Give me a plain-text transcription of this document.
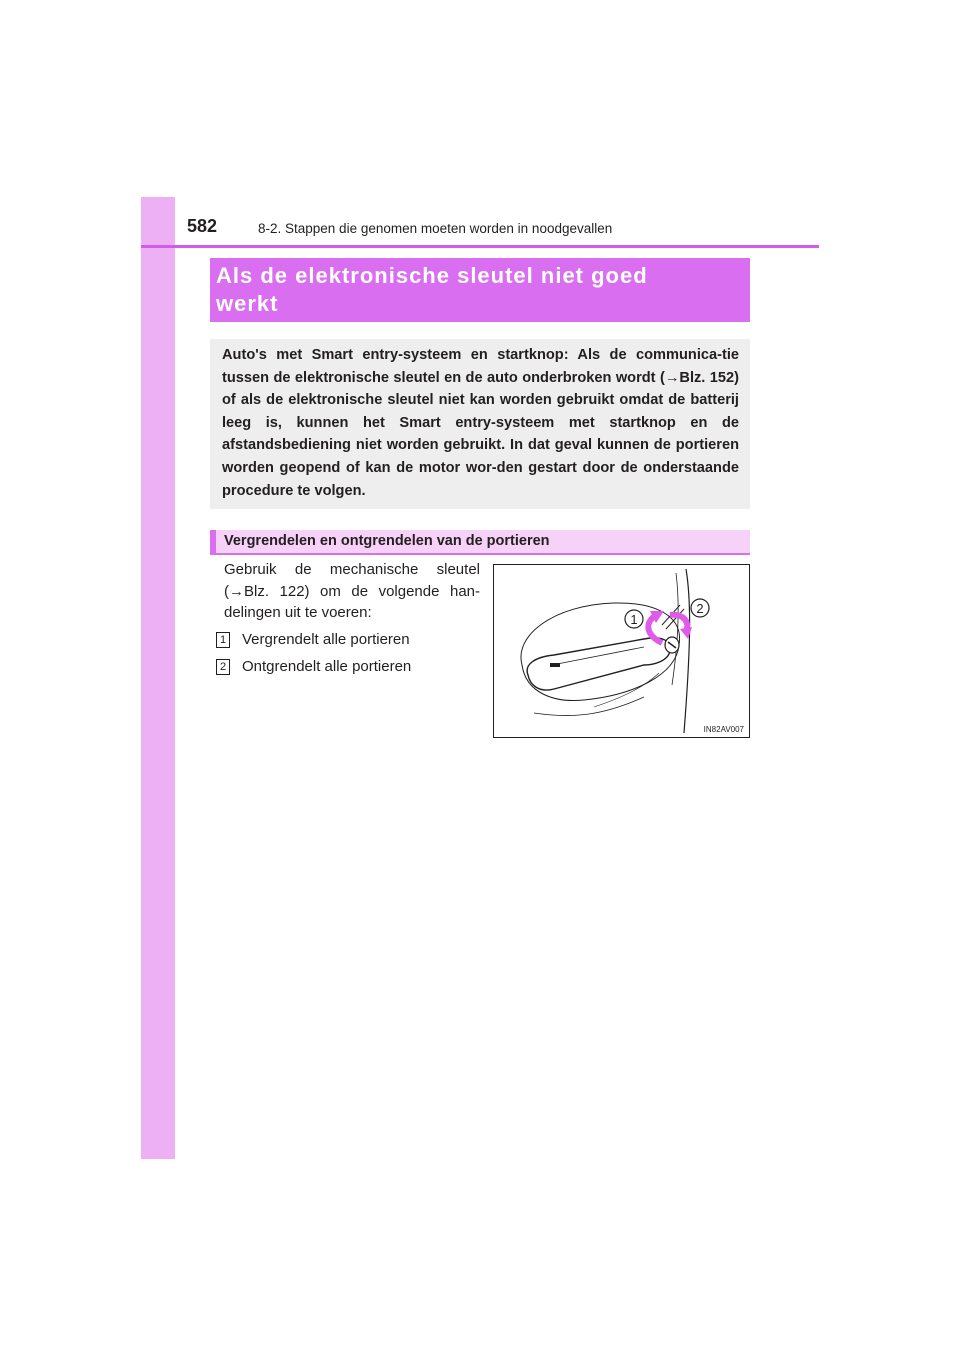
582	8-2. Stappen die genomen moeten worden in noodgevallen
Als de elektronische sleutel niet goed
werkt
Auto's met Smart entry-systeem en startknop: Als de communica-tie tussen de elektronische sleutel en de auto onderbroken wordt (→Blz. 152) of als de elektronische sleutel niet kan worden gebruikt omdat de batterij leeg is, kunnen het Smart entry-systeem met startknop en de afstandsbediening niet worden gebruikt. In dat geval kunnen de portieren worden geopend of kan de motor wor-den gestart door de onderstaande procedure te volgen.
Vergrendelen en ontgrendelen van de portieren
Gebruik de mechanische sleutel (→Blz. 122) om de volgende han-delingen uit te voeren:
1 Vergrendelt alle portieren
2 Ontgrendelt alle portieren
1
2
IN82AV007
